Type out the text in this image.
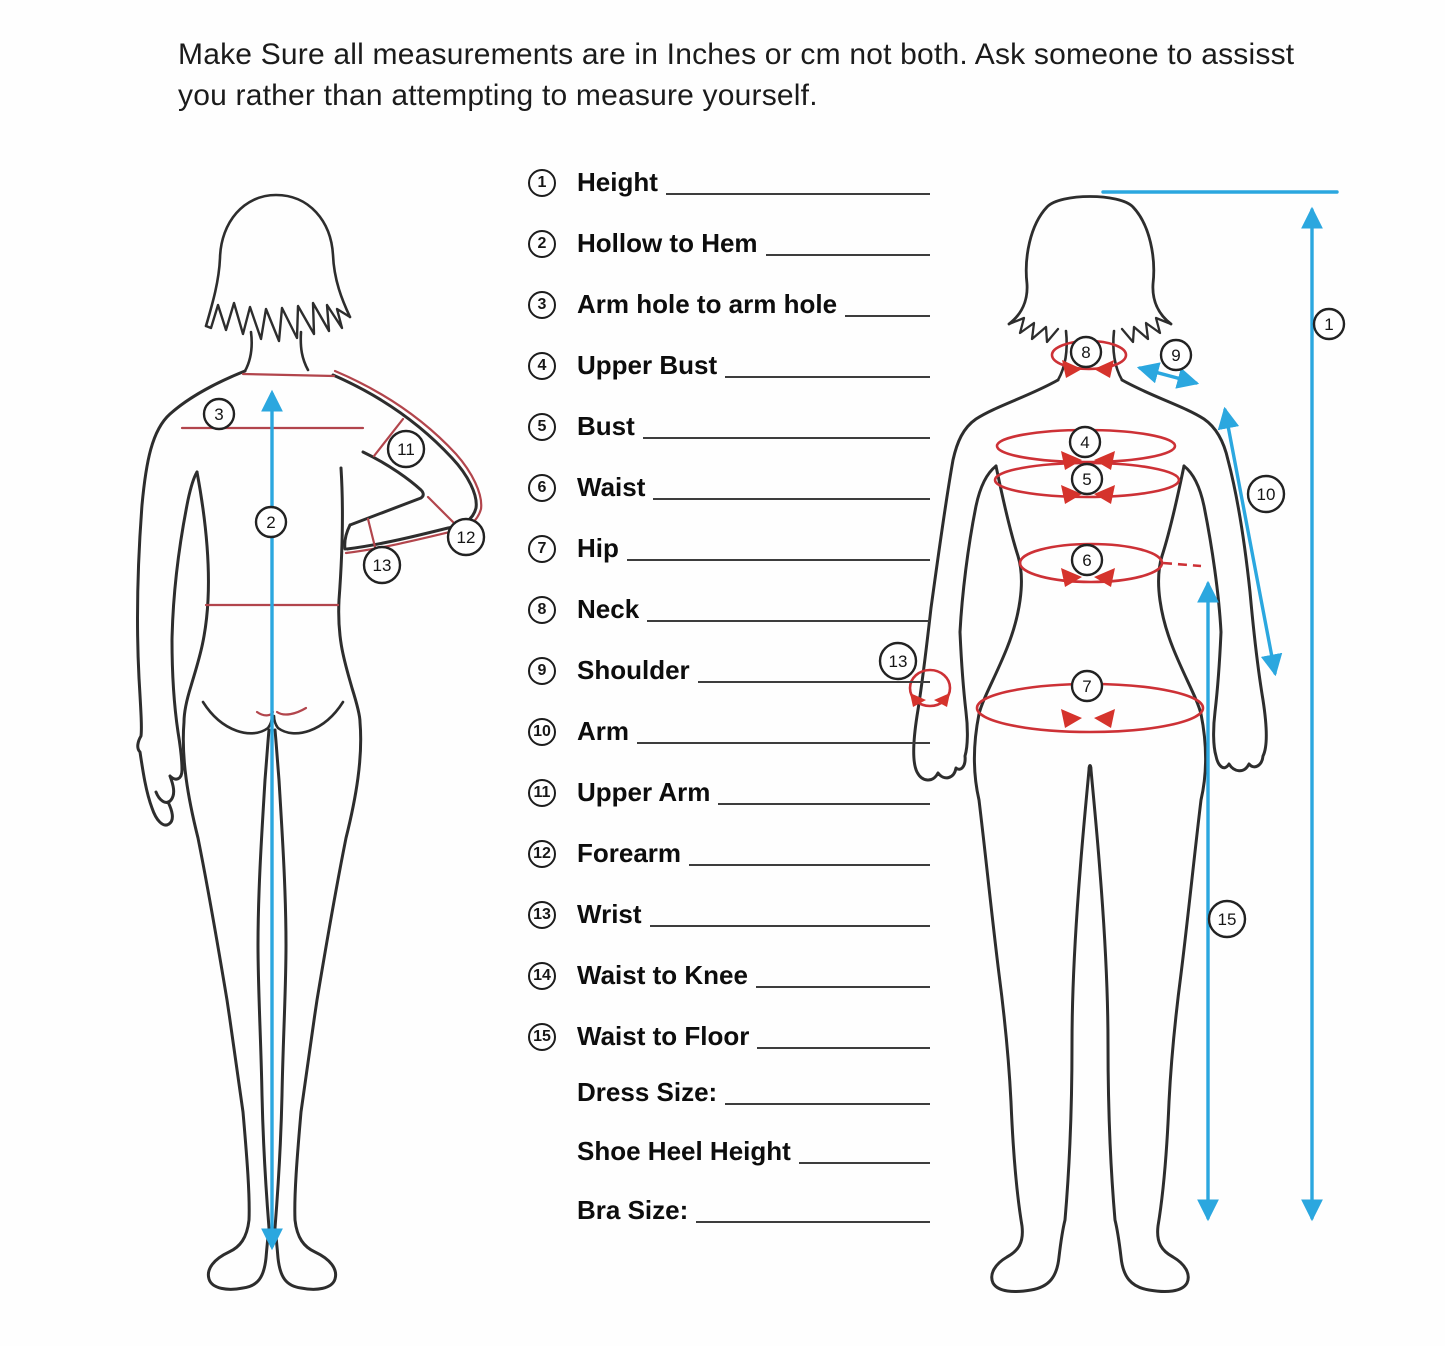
Make Sure all measurements are in Inches or cm not both. Ask someone to assisst you rather than attempting to measure yourself.
3
2
11
12
13
8	9
4
5
10
6
13
7
15
1
1	Height
2	Hollow to Hem
3	Arm hole to arm hole
4	Upper Bust
5	Bust
6	Waist
7	Hip
8	Neck
9	Shoulder
10 Arm
11 Upper Arm
12 Forearm
13 Wrist
14 Waist to Knee
15 Waist to Floor
Dress Size:
Shoe Heel Height
Bra Size:
